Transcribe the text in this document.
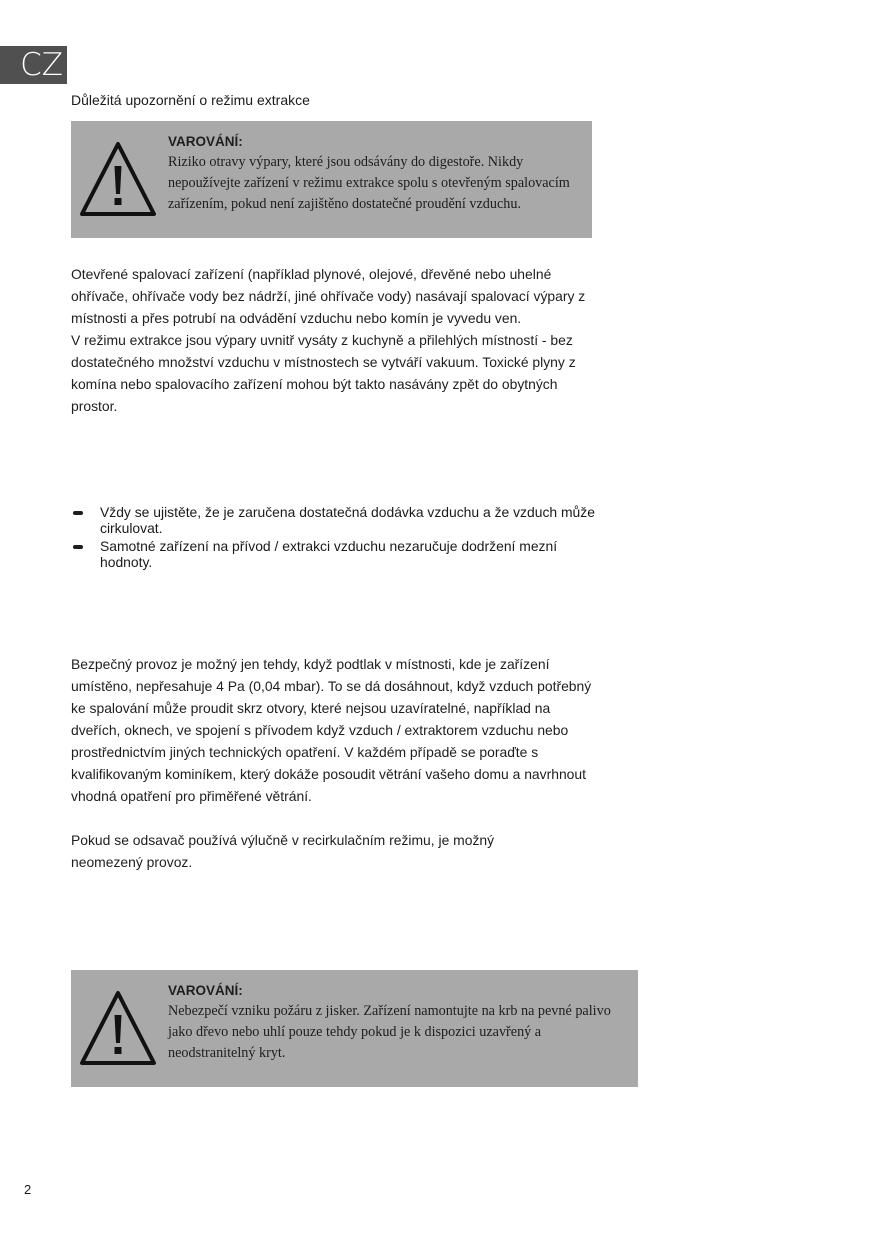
CZ
Důležitá upozornění o režimu extrakce
VAROVÁNÍ:
Riziko otravy výpary, které jsou odsávány do digestoře. Nikdy nepoužívejte zařízení v režimu extrakce spolu s otevřeným spalovacím zařízením, pokud není zajištěno dostatečné proudění vzduchu.
Otevřené spalovací zařízení (například plynové, olejové, dřevěné nebo uhelné ohřívače, ohřívače vody bez nádrží, jiné ohřívače vody) nasávají spalovací výpary z místnosti a přes potrubí na odvádění vzduchu nebo komín je vyvedu ven.
V režimu extrakce jsou výpary uvnitř vysáty z kuchyně a přilehlých místností - bez dostatečného množství vzduchu v místnostech se vytváří vakuum. Toxické plyny z komína nebo spalovacího zařízení mohou být takto nasávány zpět do obytných prostor.
Vždy se ujistěte, že je zaručena dostatečná dodávka vzduchu a že vzduch může cirkulovat.
Samotné zařízení na přívod / extrakci vzduchu nezaručuje dodržení mezní hodnoty.
Bezpečný provoz je možný jen tehdy, když podtlak v místnosti, kde je zařízení umístěno, nepřesahuje 4 Pa (0,04 mbar). To se dá dosáhnout, když vzduch potřebný ke spalování může proudit skrz otvory, které nejsou uzavíratelné, například na dveřích, oknech, ve spojení s přívodem když vzduch / extraktorem vzduchu nebo prostřednictvím jiných technických opatření. V každém případě se poraďte s kvalifikovaným kominíkem, který dokáže posoudit větrání vašeho domu a navrhnout vhodná opatření pro přiměřené větrání.
Pokud se odsavač používá výlučně v recirkulačním režimu, je možný neomezený provoz.
VAROVÁNÍ:
Nebezpečí vzniku požáru z jisker. Zařízení namontujte na krb na pevné palivo jako dřevo nebo uhlí pouze tehdy pokud je k dispozici uzavřený a neodstranitelný kryt.
2
